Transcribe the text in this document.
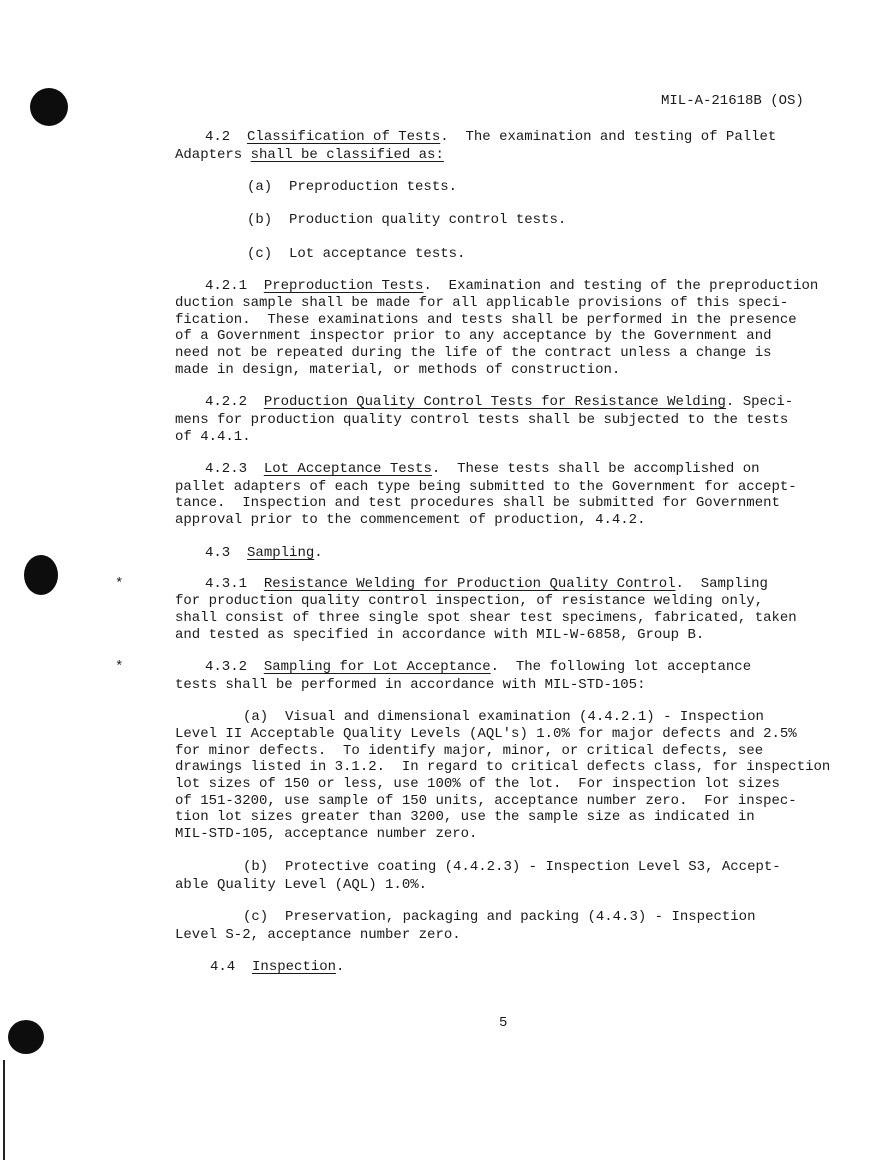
MIL-A-21618B (OS)
4.2 Classification of Tests.  The examination and testing of Pallet
Adapters shall be classified as:
(a)  Preproduction tests.
(b)  Production quality control tests.
(c)  Lot acceptance tests.
4.2.1 Preproduction Tests.  Examination and testing of the preproduction
duction sample shall be made for all applicable provisions of this speci-
fication.  These examinations and tests shall be performed in the presence
of a Government inspector prior to any acceptance by the Government and
need not be repeated during the life of the contract unless a change is
made in design, material, or methods of construction.
4.2.2 Production Quality Control Tests for Resistance Welding. Speci-
mens for production quality control tests shall be subjected to the tests
of 4.4.1.
4.2.3 Lot Acceptance Tests.  These tests shall be accomplished on
pallet adapters of each type being submitted to the Government for accept-
tance.  Inspection and test procedures shall be submitted for Government
approval prior to the commencement of production, 4.4.2.
4.3 Sampling.
*	4.3.1 Resistance Welding for Production Quality Control.  Sampling
for production quality control inspection, of resistance welding only,
shall consist of three single spot shear test specimens, fabricated, taken
and tested as specified in accordance with MIL-W-6858, Group B.
*	4.3.2 Sampling for Lot Acceptance.  The following lot acceptance
tests shall be performed in accordance with MIL-STD-105:
(a)  Visual and dimensional examination (4.4.2.1) - Inspection
Level II Acceptable Quality Levels (AQL's) 1.0% for major defects and 2.5%
for minor defects.  To identify major, minor, or critical defects, see
drawings listed in 3.1.2.  In regard to critical defects class, for inspection
lot sizes of 150 or less, use 100% of the lot.  For inspection lot sizes
of 151-3200, use sample of 150 units, acceptance number zero.  For inspec-
tion lot sizes greater than 3200, use the sample size as indicated in
MIL-STD-105, acceptance number zero.
(b)  Protective coating (4.4.2.3) - Inspection Level S3, Accept-
able Quality Level (AQL) 1.0%.
(c)  Preservation, packaging and packing (4.4.3) - Inspection
Level S-2, acceptance number zero.
4.4 Inspection.
5
